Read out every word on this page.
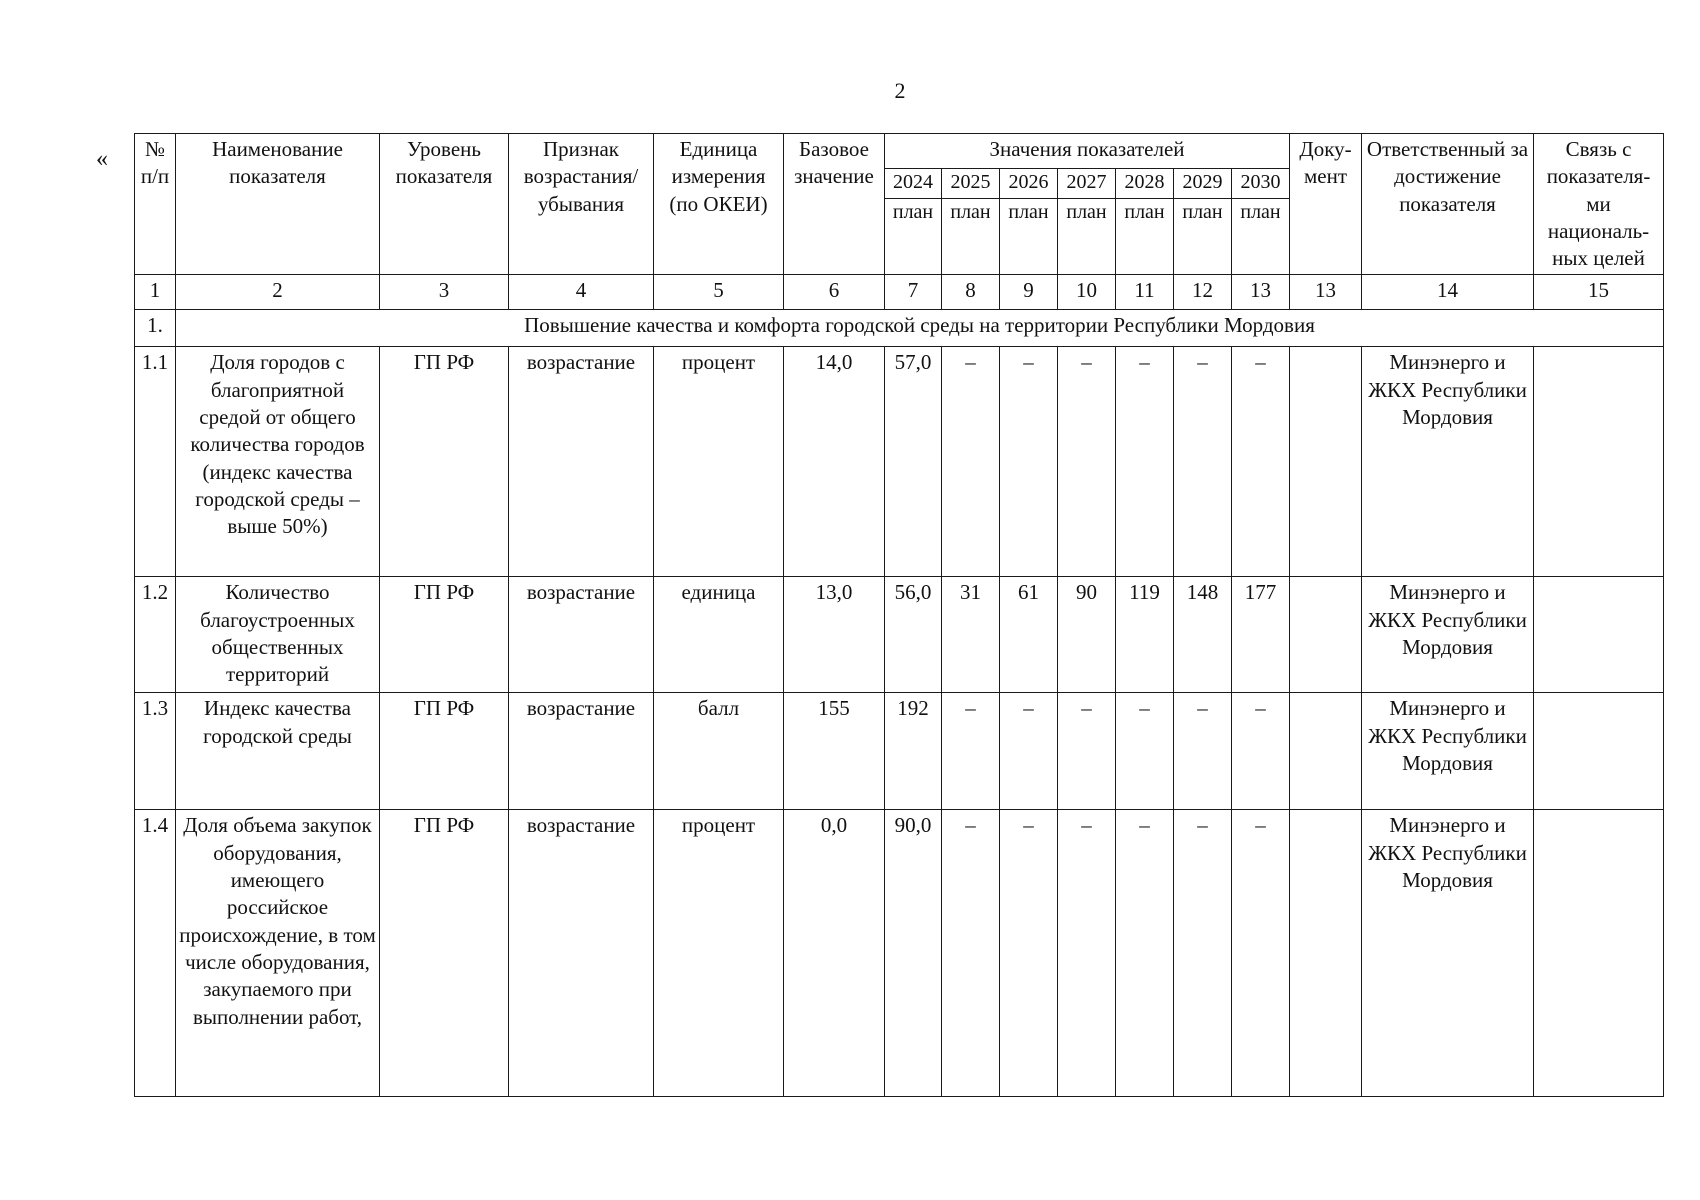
2
« № п/п	Наименование показателя	Уровень показателя	Признак возрастания/ убывания	Единица измерения (по ОКЕИ)	Базовое значение	Значения показателей							Доку- мент	Ответственный за достижение показателя	Связь с показателя- ми националь- ных целей
						2024	2025	2026	2027	2028	2029	2030			
						план	план	план	план	план	план	план			
1	2	3	4	5	6	7	8	9	10	11	12	13	13	14	15
1.	Повышение качества и комфорта городской среды на территории Республики Мордовия														
1.1	Доля городов с благоприятной средой от общего количества городов (индекс качества городской среды – выше 50%)	ГП РФ	возрастание	процент	14,0	57,0	–	–	–	–	–	–		Минэнерго и ЖКХ Республики Мордовия	
1.2	Количество благоустроенных общественных территорий	ГП РФ	возрастание	единица	13,0	56,0	31	61	90	119	148	177		Минэнерго и ЖКХ Республики Мордовия	
1.3	Индекс качества городской среды	ГП РФ	возрастание	балл	155	192	–	–	–	–	–	–		Минэнерго и ЖКХ Республики Мордовия	
1.4	Доля объема закупок оборудования, имеющего российское происхождение, в том числе оборудования, закупаемого при выполнении работ,	ГП РФ	возрастание	процент	0,0	90,0	–	–	–	–	–	–		Минэнерго и ЖКХ Республики Мордовия	
